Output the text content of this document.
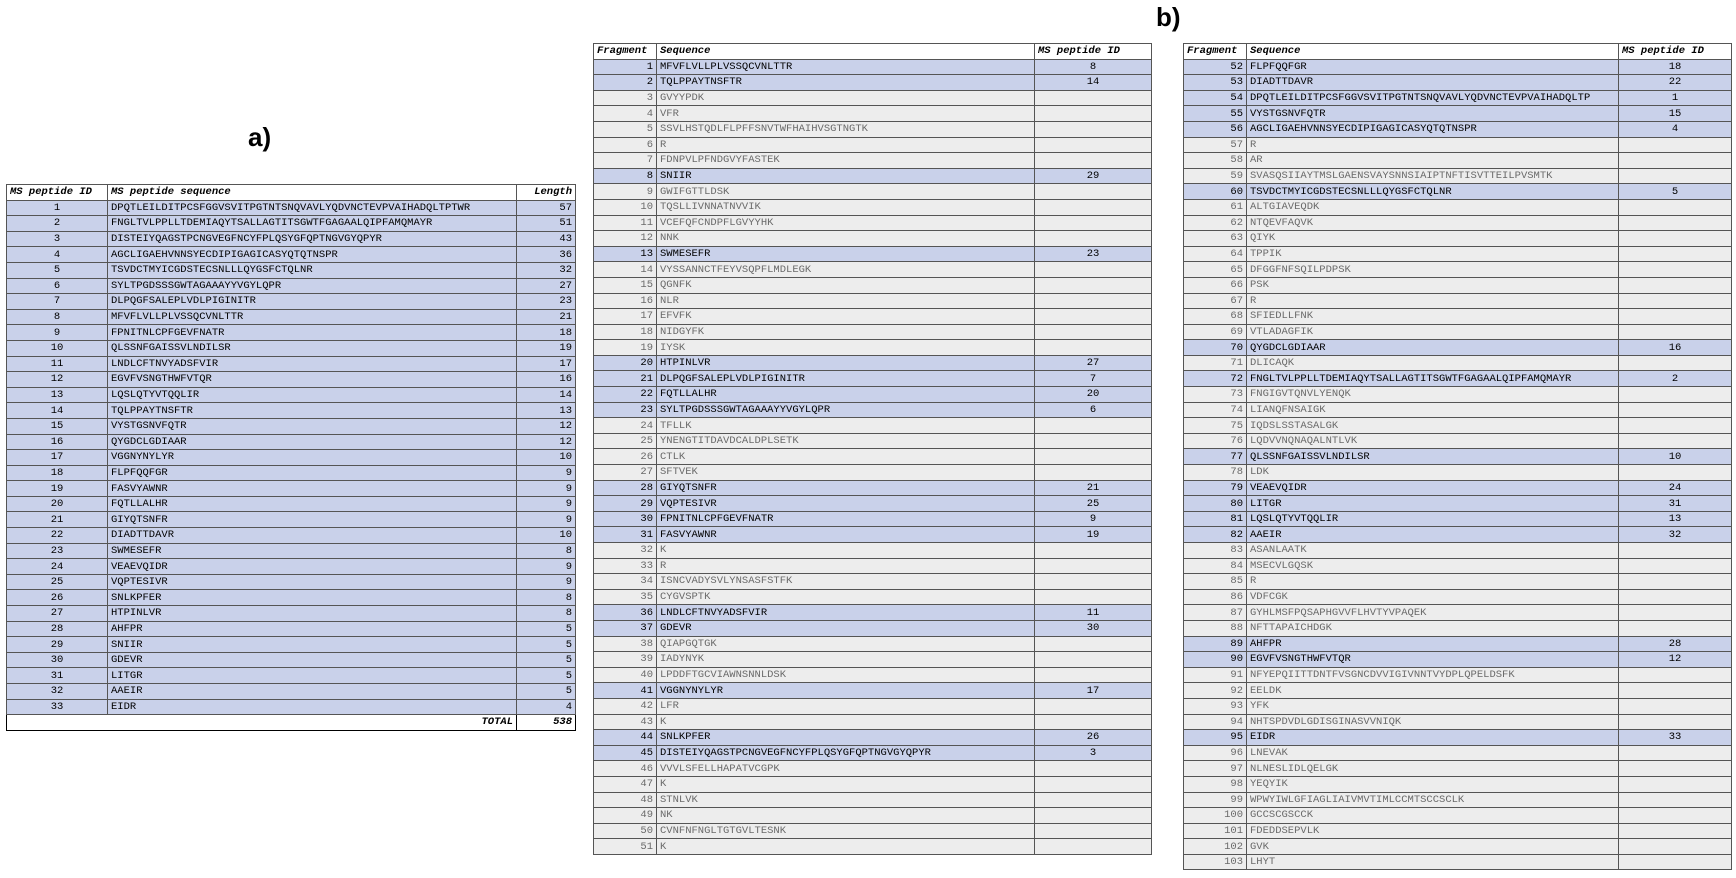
a)
b)
MS peptide ID	MS peptide sequence	Length
1	DPQTLEILDITPCSFGGVSVITPGTNTSNQVAVLYQDVNCTEVPVAIHADQLTPTWR	57
2	FNGLTVLPPLLTDEMIAQYTSALLAGTITSGWTFGAGAALQIPFAMQMAYR	51
3	DISTEIYQAGSTPCNGVEGFNCYFPLQSYGFQPTNGVGYQPYR	43
4	AGCLIGAEHVNNSYECDIPIGAGICASYQTQTNSPR	36
5	TSVDCTMYICGDSTECSNLLLQYGSFCTQLNR	32
6	SYLTPGDSSSGWTAGAAAYYVGYLQPR	27
7	DLPQGFSALEPLVDLPIGINITR	23
8	MFVFLVLLPLVSSQCVNLTTR	21
9	FPNITNLCPFGEVFNATR	18
10	QLSSNFGAISSVLNDILSR	19
11	LNDLCFTNVYADSFVIR	17
12	EGVFVSNGTHWFVTQR	16
13	LQSLQTYVTQQLIR	14
14	TQLPPAYTNSFTR	13
15	VYSTGSNVFQTR	12
16	QYGDCLGDIAAR	12
17	VGGNYNYLYR	10
18	FLPFQQFGR	9
19	FASVYAWNR	9
20	FQTLLALHR	9
21	GIYQTSNFR	9
22	DIADTTDAVR	10
23	SWMESEFR	8
24	VEAEVQIDR	9
25	VQPTESIVR	9
26	SNLKPFER	8
27	HTPINLVR	8
28	AHFPR	5
29	SNIIR	5
30	GDEVR	5
31	LITGR	5
32	AAEIR	5
33	EIDR	4
	TOTAL	538
Fragment	Sequence	MS peptide ID
1	MFVFLVLLPLVSSQCVNLTTR	8
2	TQLPPAYTNSFTR	14
3	GVYYPDK	
4	VFR	
5	SSVLHSTQDLFLPFFSNVTWFHAIHVSGTNGTK	
6	R	
7	FDNPVLPFNDGVYFASTEK	
8	SNIIR	29
9	GWIFGTTLDSK	
10	TQSLLIVNNATNVVIK	
11	VCEFQFCNDPFLGVYYHK	
12	NNK	
13	SWMESEFR	23
14	VYSSANNCTFEYVSQPFLMDLEGK	
15	QGNFK	
16	NLR	
17	EFVFK	
18	NIDGYFK	
19	IYSK	
20	HTPINLVR	27
21	DLPQGFSALEPLVDLPIGINITR	7
22	FQTLLALHR	20
23	SYLTPGDSSSGWTAGAAAYYVGYLQPR	6
24	TFLLK	
25	YNENGTITDAVDCALDPLSETK	
26	CTLK	
27	SFTVEK	
28	GIYQTSNFR	21
29	VQPTESIVR	25
30	FPNITNLCPFGEVFNATR	9
31	FASVYAWNR	19
32	K	
33	R	
34	ISNCVADYSVLYNSASFSTFK	
35	CYGVSPTK	
36	LNDLCFTNVYADSFVIR	11
37	GDEVR	30
38	QIAPGQTGK	
39	IADYNYK	
40	LPDDFTGCVIAWNSNNLDSK	
41	VGGNYNYLYR	17
42	LFR	
43	K	
44	SNLKPFER	26
45	DISTEIYQAGSTPCNGVEGFNCYFPLQSYGFQPTNGVGYQPYR	3
46	VVVLSFELLHAPATVCGPK	
47	K	
48	STNLVK	
49	NK	
50	CVNFNFNGLTGTGVLTESNK	
51	K	
Fragment	Sequence	MS peptide ID
52	FLPFQQFGR	18
53	DIADTTDAVR	22
54	DPQTLEILDITPCSFGGVSVITPGTNTSNQVAVLYQDVNCTEVPVAIHADQLTP	1
55	VYSTGSNVFQTR	15
56	AGCLIGAEHVNNSYECDIPIGAGICASYQTQTNSPR	4
57	R	
58	AR	
59	SVASQSIIAYTMSLGAENSVAYSNNSIAIPTNFTISVTTEILPVSMTK	
60	TSVDCTMYICGDSTECSNLLLQYGSFCTQLNR	5
61	ALTGIAVEQDK	
62	NTQEVFAQVK	
63	QIYK	
64	TPPIK	
65	DFGGFNFSQILPDPSK	
66	PSK	
67	R	
68	SFIEDLLFNK	
69	VTLADAGFIK	
70	QYGDCLGDIAAR	16
71	DLICAQK	
72	FNGLTVLPPLLTDEMIAQYTSALLAGTITSGWTFGAGAALQIPFAMQMAYR	2
73	FNGIGVTQNVLYENQK	
74	LIANQFNSAIGK	
75	IQDSLSSTASALGK	
76	LQDVVNQNAQALNTLVK	
77	QLSSNFGAISSVLNDILSR	10
78	LDK	
79	VEAEVQIDR	24
80	LITGR	31
81	LQSLQTYVTQQLIR	13
82	AAEIR	32
83	ASANLAATK	
84	MSECVLGQSK	
85	R	
86	VDFCGK	
87	GYHLMSFPQSAPHGVVFLHVTYVPAQEK	
88	NFTTAPAICHDGK	
89	AHFPR	28
90	EGVFVSNGTHWFVTQR	12
91	NFYEPQIITTDNTFVSGNCDVVIGIVNNTVYDPLQPELDSFK	
92	EELDK	
93	YFK	
94	NHTSPDVDLGDISGINASVVNIQK	
95	EIDR	33
96	LNEVAK	
97	NLNESLIDLQELGK	
98	YEQYIK	
99	WPWYIWLGFIAGLIAIVMVTIMLCCMTSCCSCLK	
100	GCCSCGSCCK	
101	FDEDDSEPVLK	
102	GVK	
103	LHYT	
